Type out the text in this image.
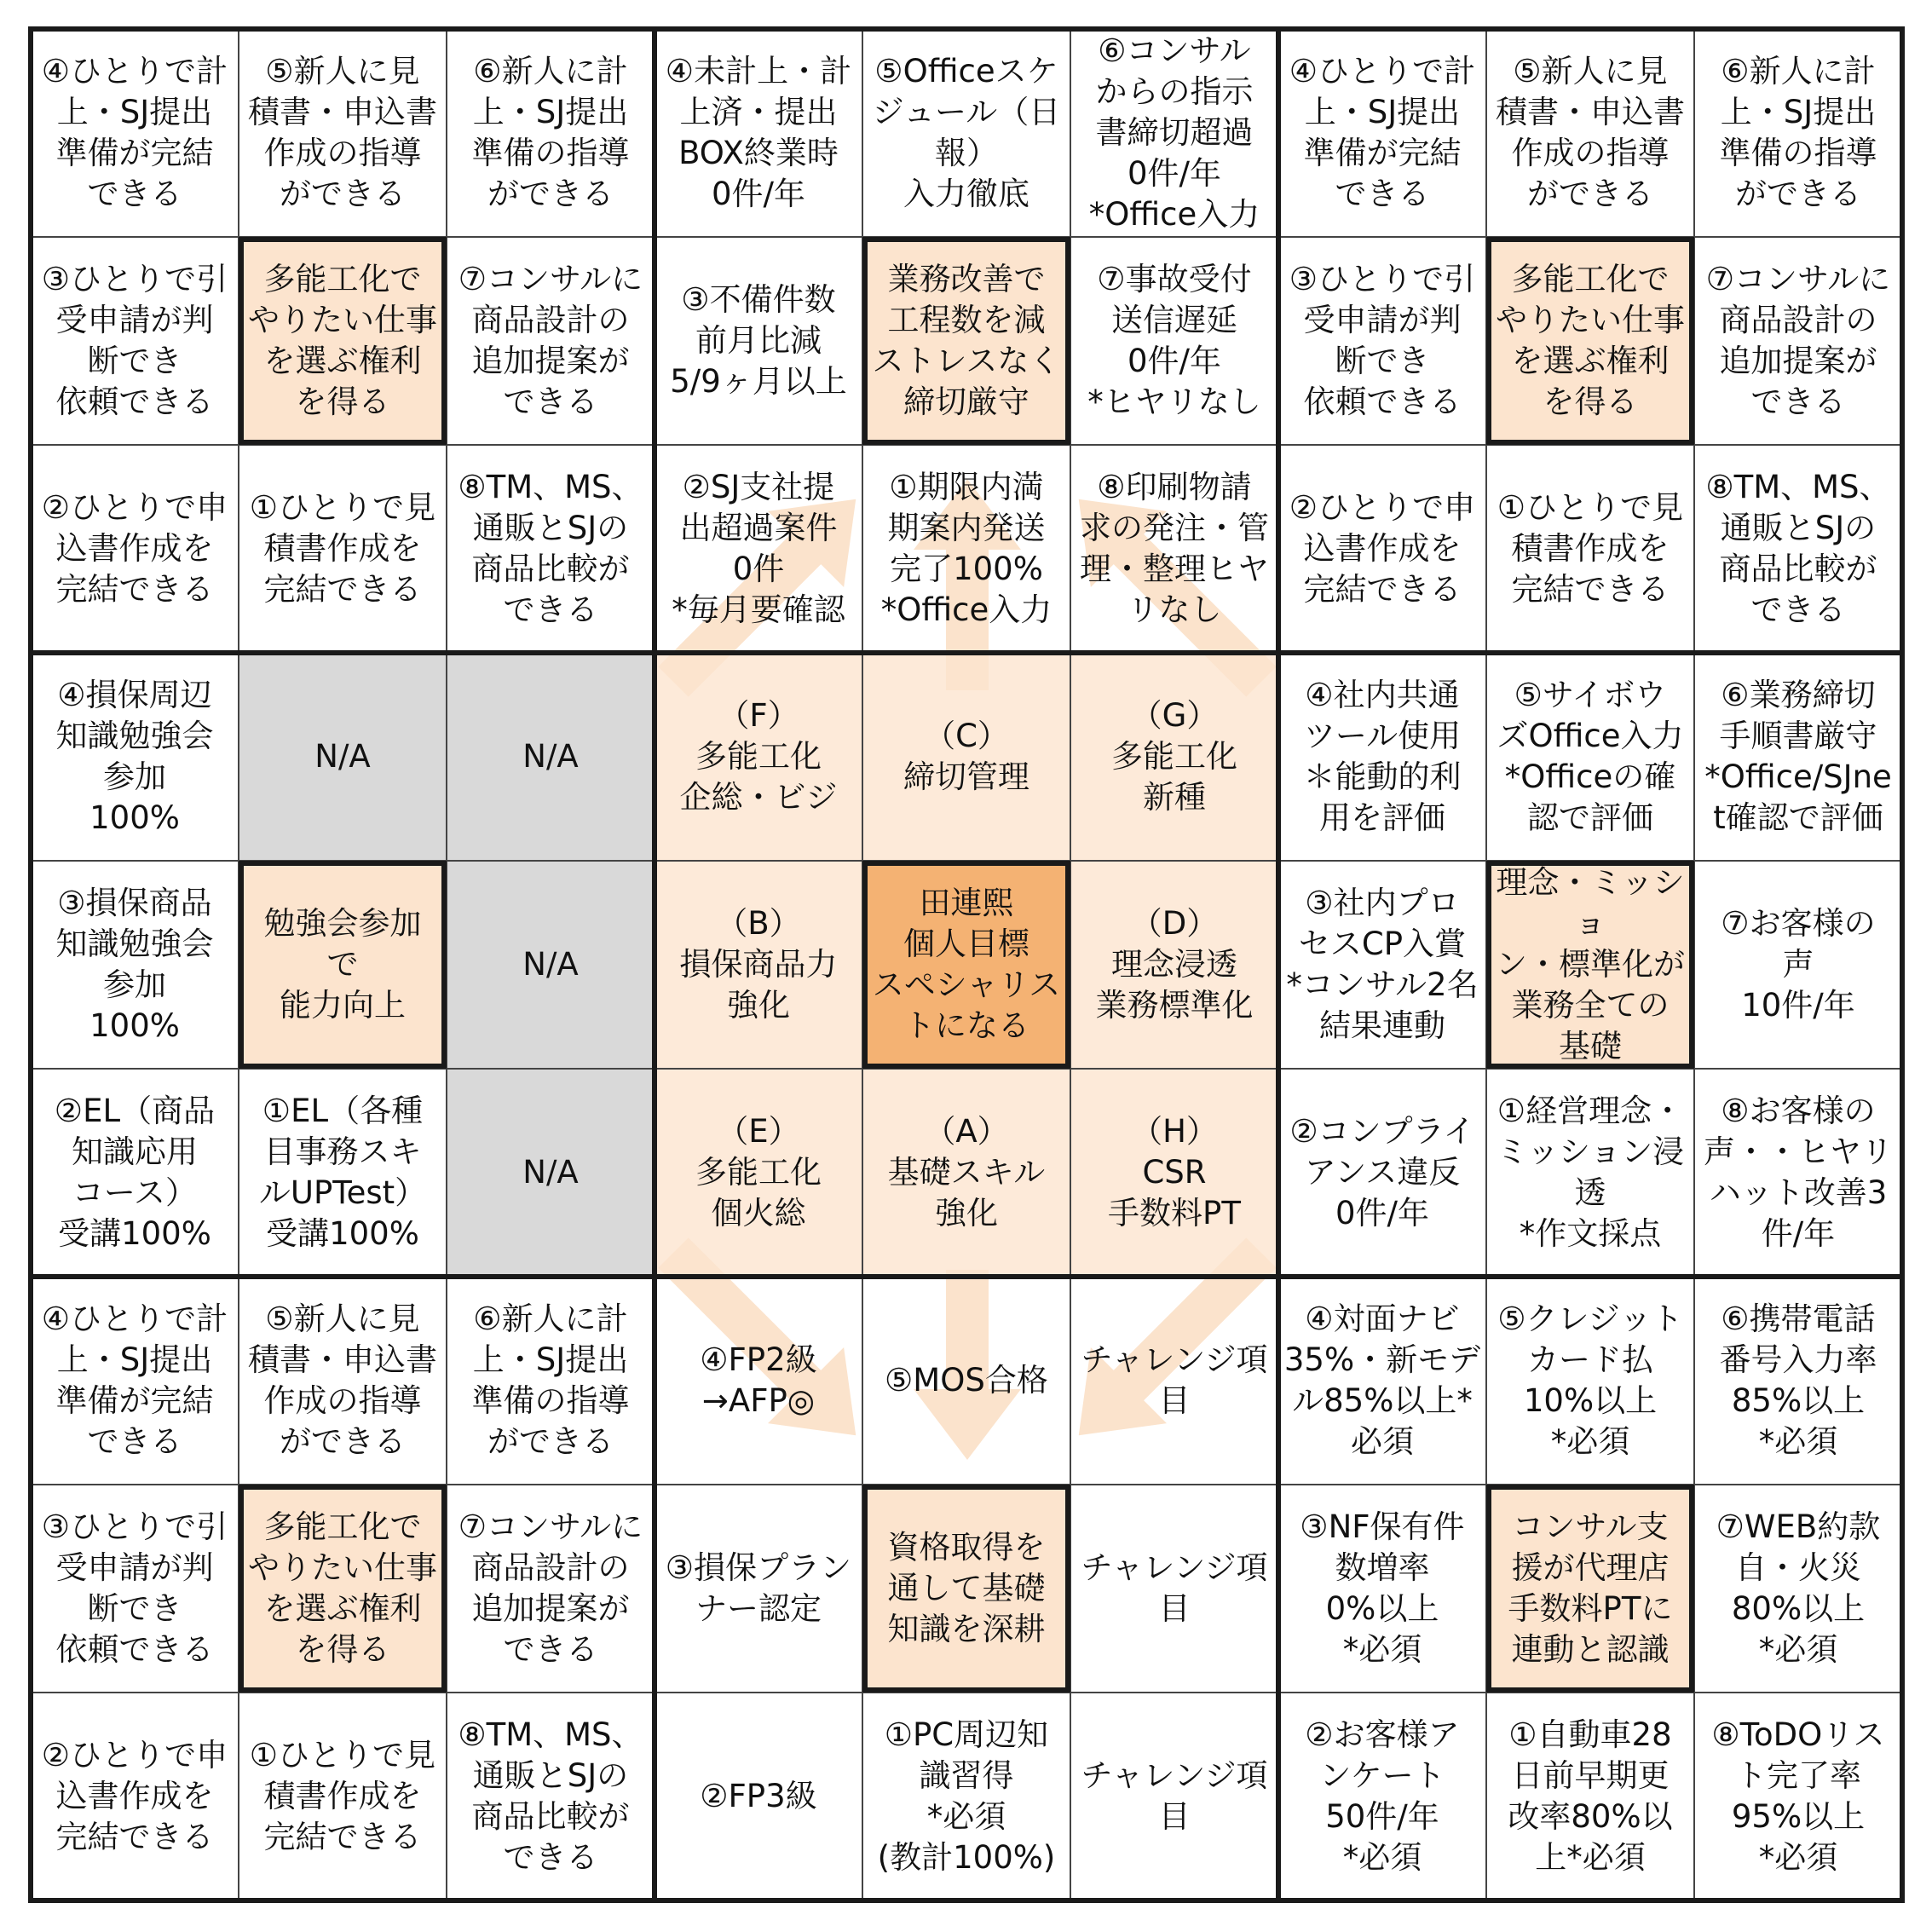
④ひとりで計
上・SJ提出
準備が完結
できる
⑤新人に見
積書・申込書
作成の指導
ができる
⑥新人に計
上・SJ提出
準備の指導
ができる
④未計上・計
上済・提出
BOX終業時
0件/年
⑤Officeスケ
ジュール（日
報）
入力徹底
⑥コンサル
からの指示
書締切超過
0件/年
*Office入力
④ひとりで計
上・SJ提出
準備が完結
できる
⑤新人に見
積書・申込書
作成の指導
ができる
⑥新人に計
上・SJ提出
準備の指導
ができる
③ひとりで引
受申請が判
断でき
依頼できる
多能工化で
やりたい仕事
を選ぶ権利
を得る
⑦コンサルに
商品設計の
追加提案が
できる
③不備件数
前月比減
5/9ヶ月以上
業務改善で
工程数を減
ストレスなく
締切厳守
⑦事故受付
送信遅延
0件/年
*ヒヤリなし
③ひとりで引
受申請が判
断でき
依頼できる
多能工化で
やりたい仕事
を選ぶ権利
を得る
⑦コンサルに
商品設計の
追加提案が
できる
②ひとりで申
込書作成を
完結できる
①ひとりで見
積書作成を
完結できる
⑧TM、MS、
通販とSJの
商品比較が
できる
②SJ支社提
出超過案件
0件
*毎月要確認
①期限内満
期案内発送
完了100%
*Office入力
⑧印刷物請
求の発注・管
理・整理ヒヤ
リなし
②ひとりで申
込書作成を
完結できる
①ひとりで見
積書作成を
完結できる
⑧TM、MS、
通販とSJの
商品比較が
できる
④損保周辺
知識勉強会
参加
100%
N/A	N/A
（F）
多能工化
企総・ビジ
（C）
締切管理
（G）
多能工化
新種
④社内共通
ツール使用
＊能動的利
用を評価
⑤サイボウ
ズOffice入力
*Officeの確
認で評価
⑥業務締切
手順書厳守
*Office/SJne
t確認で評価
③損保商品
知識勉強会
参加
100%
勉強会参加
で
能力向上
N/A
（B）
損保商品力
強化
田連熙
個人目標
スペシャリス
トになる
（D）
理念浸透
業務標準化
③社内プロ
セスCP入賞
*コンサル2名
結果連動
理念・ミッショ
ン・標準化が
業務全ての
基礎
⑦お客様の
声
10件/年
②EL（商品
知識応用
コース）
受講100%
①EL（各種
目事務スキ
ルUPTest）
受講100%
N/A
（E）
多能工化
個火総
（A）
基礎スキル
強化
（H）
CSR
手数料PT
②コンプライ
アンス違反
0件/年
①経営理念・
ミッション浸
透
*作文採点
⑧お客様の
声・・ヒヤリ
ハット改善3
件/年
④ひとりで計
上・SJ提出
準備が完結
できる
⑤新人に見
積書・申込書
作成の指導
ができる
⑥新人に計
上・SJ提出
準備の指導
ができる
④FP2級
→AFP◎
⑤MOS合格
チャレンジ項
目
④対面ナビ
35%・新モデ
ル85%以上*
必須
⑤クレジット
カード払
10%以上
*必須
⑥携帯電話
番号入力率
85%以上
*必須
③ひとりで引
受申請が判
断でき
依頼できる
多能工化で
やりたい仕事
を選ぶ権利
を得る
⑦コンサルに
商品設計の
追加提案が
できる
③損保プラン
ナー認定
資格取得を
通して基礎
知識を深耕
チャレンジ項
目
③NF保有件
数増率
0%以上
*必須
コンサル支
援が代理店
手数料PTに
連動と認識
⑦WEB約款
自・火災
80%以上
*必須
②ひとりで申
込書作成を
完結できる
①ひとりで見
積書作成を
完結できる
⑧TM、MS、
通販とSJの
商品比較が
できる
②FP3級
①PC周辺知
識習得
*必須
(教計100%)
チャレンジ項
目
②お客様ア
ンケート
50件/年
*必須
①自動車28
日前早期更
改率80%以
上*必須
⑧ToDOリス
ト完了率
95%以上
*必須
